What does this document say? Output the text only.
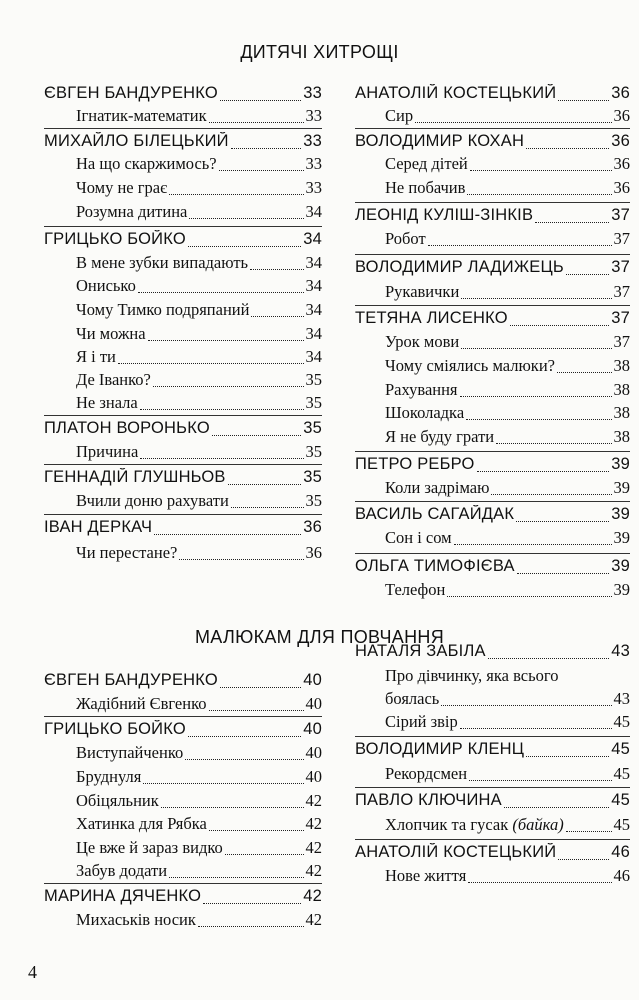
ДИТЯЧІ ХИТРОЩІ
ЄВГЕН БАНДУРЕНКО	33
Ігнатик-математик	33
МИХАЙЛО БІЛЕЦЬКИЙ	33
На що скаржимось?	33
Чому не грає	33
Розумна дитина	34
ГРИЦЬКО БОЙКО	34
В мене зубки випадають	34
Онисько	34
Чому Тимко подряпаний	34
Чи можна	34
Я і ти	34
Де Іванко?	35
Не знала	35
ПЛАТОН ВОРОНЬКО	35
Причина	35
ГЕННАДІЙ ГЛУШНЬОВ	35
Вчили доню рахувати	35
ІВАН ДЕРКАЧ	36
Чи перестане?	36
АНАТОЛІЙ КОСТЕЦЬКИЙ	36
Сир	36
ВОЛОДИМИР КОХАН	36
Серед дітей	36
Не побачив	36
ЛЕОНІД КУЛІШ-ЗІНКІВ	37
Робот	37
ВОЛОДИМИР ЛАДИЖЕЦЬ	37
Рукавички	37
ТЕТЯНА ЛИСЕНКО	37
Урок мови	37
Чому сміялись малюки?	38
Рахування	38
Шоколадка	38
Я не буду грати	38
ПЕТРО РЕБРО	39
Коли задрімаю	39
ВАСИЛЬ САГАЙДАК	39
Сон і сом	39
ОЛЬГА ТИМОФІЄВА	39
Телефон	39
МАЛЮКАМ ДЛЯ ПОВЧАННЯ
ЄВГЕН БАНДУРЕНКО	40
Жадібний Євгенко	40
ГРИЦЬКО БОЙКО	40
Виступайченко	40
Бруднуля	40
Обіцяльник	42
Хатинка для Рябка	42
Це вже й зараз видко	42
Забув додати	42
МАРИНА ДЯЧЕНКО	42
Михаськів носик	42
НАТАЛЯ ЗАБІЛА	43
Про дівчинку, яка всього
боялась	43
Сірий звір	45
ВОЛОДИМИР КЛЕНЦ	45
Рекордсмен	45
ПАВЛО КЛЮЧИНА	45
Хлопчик та гусак (байка)	45
АНАТОЛІЙ КОСТЕЦЬКИЙ	46
Нове життя	46
4
